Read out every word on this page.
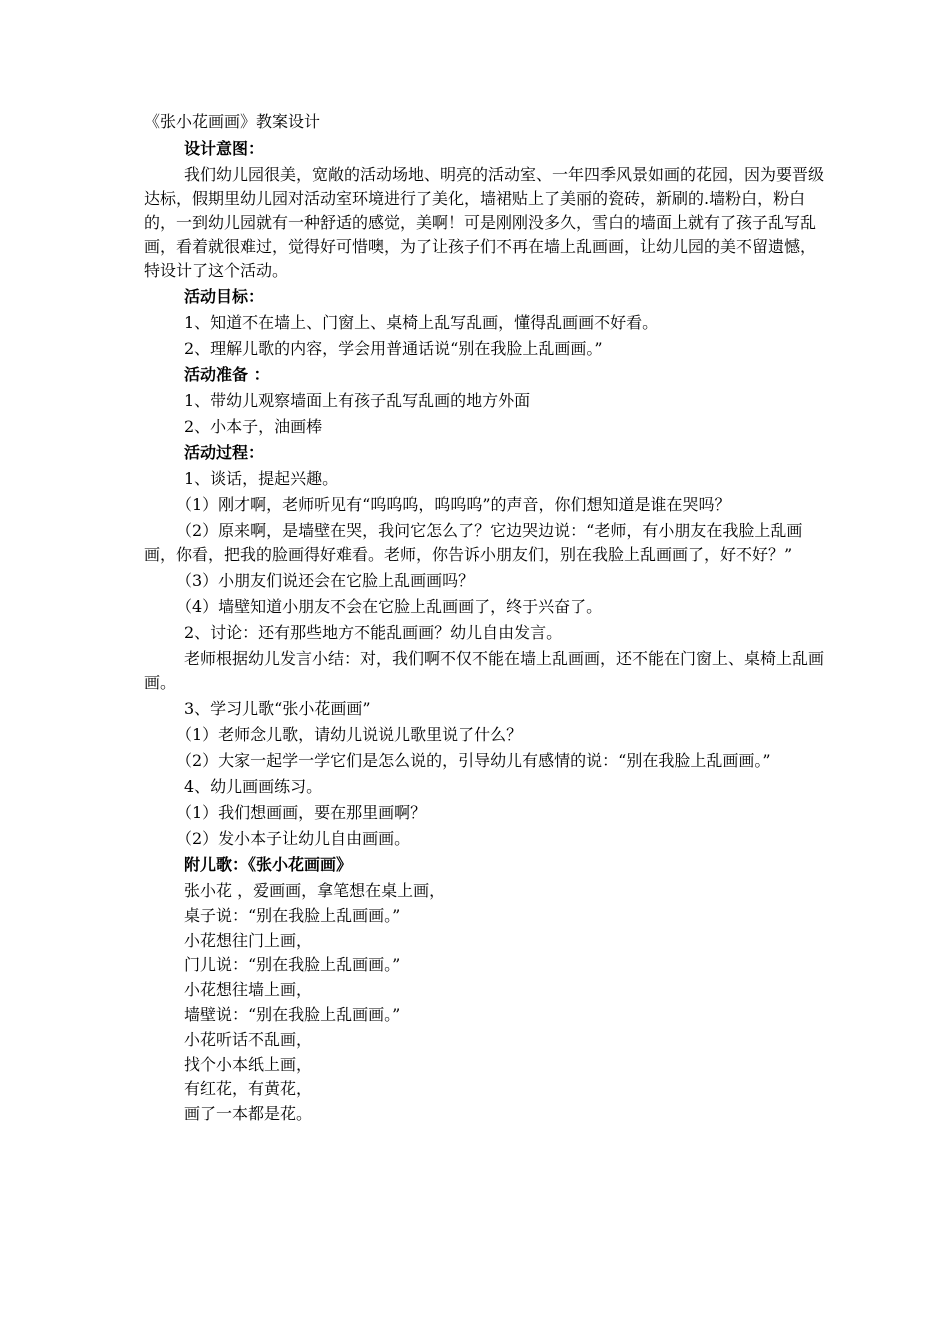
《张小花画画》教案设计
设计意图：
我们幼儿园很美，宽敞的活动场地、明亮的活动室、一年四季风景如画的花园，因为要晋级达标，假期里幼儿园对活动室环境进行了美化，墙裙贴上了美丽的瓷砖，新刷的.墙粉白，粉白的，一到幼儿园就有一种舒适的感觉，美啊！可是刚刚没多久，雪白的墙面上就有了孩子乱写乱画，看着就很难过，觉得好可惜噢，为了让孩子们不再在墙上乱画画，让幼儿园的美不留遗憾，特设计了这个活动。
活动目标：
1、知道不在墙上、门窗上、桌椅上乱写乱画，懂得乱画画不好看。
2、理解儿歌的内容，学会用普通话说“别在我脸上乱画画。”
活动准备 ：
1、带幼儿观察墙面上有孩子乱写乱画的地方外面
2、小本子，油画棒
活动过程：
1、谈话，提起兴趣。
（1）刚才啊，老师听见有“呜呜呜，呜呜呜”的声音，你们想知道是谁在哭吗？
（2）原来啊，是墙壁在哭，我问它怎么了？它边哭边说：“老师，有小朋友在我脸上乱画画，你看，把我的脸画得好难看。老师，你告诉小朋友们，别在我脸上乱画画了，好不好？”
（3）小朋友们说还会在它脸上乱画画吗？
（4）墙壁知道小朋友不会在它脸上乱画画了，终于兴奋了。
2、讨论：还有那些地方不能乱画画？幼儿自由发言。
老师根据幼儿发言小结：对，我们啊不仅不能在墙上乱画画，还不能在门窗上、桌椅上乱画画。
3、学习儿歌“张小花画画”
（1）老师念儿歌，请幼儿说说儿歌里说了什么？
（2）大家一起学一学它们是怎么说的，引导幼儿有感情的说：“别在我脸上乱画画。”
4、幼儿画画练习。
（1）我们想画画，要在那里画啊？
（2）发小本子让幼儿自由画画。
附儿歌：《张小花画画》
张小花 ，爱画画，拿笔想在桌上画，
桌子说：“别在我脸上乱画画。”
小花想往门上画，
门儿说：“别在我脸上乱画画。”
小花想往墙上画，
墙壁说：“别在我脸上乱画画。”
小花听话不乱画，
找个小本纸上画，
有红花，有黄花，
画了一本都是花。
